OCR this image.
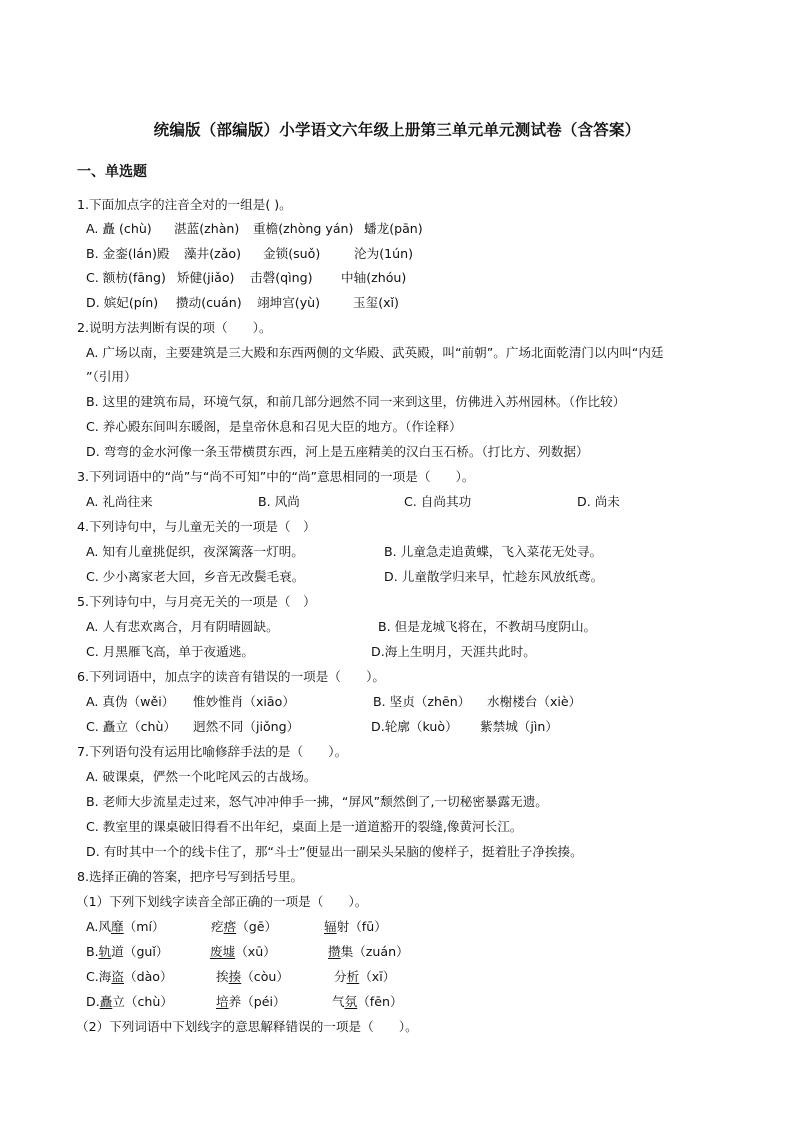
统编版（部编版）小学语文六年级上册第三单元单元测试卷（含答案）
一、单选题
1.下面加点字的注音全对的一组是( )。
A. 矗 (chù) 湛蓝(zhàn) 重檐(zhòng yán) 蟠龙(pān)
B. 金銮(lán)殿 藻井(zǎo) 金锁(suǒ)	沦为(1ún)
C. 额枋(fāng) 矫健(jiǎo) 击磬(qìng) 中轴(zhóu)
D. 嫔妃(pín) 攒动(cuán) 翊坤宫(yù)	玉玺(xǐ)
2.说明方法判断有误的项（　　）。
A. 广场以南，主要建筑是三大殿和东西两侧的文华殿、武英殿，叫“前朝”。广场北面乾清门以内叫“内廷
”（引用）
B. 这里的建筑布局，环境气氛，和前几部分迥然不同一来到这里，仿佛进入苏州园林。（作比较）
C. 养心殿东间叫东暖阁，是皇帝休息和召见大臣的地方。（作诠释）
D. 弯弯的金水河像一条玉带横贯东西，河上是五座精美的汉白玉石桥。（打比方、列数据）
3.下列词语中的“尚”与“尚不可知”中的“尚”意思相同的一项是（　　）。
A. 礼尚往来	B. 风尚	C. 自尚其功	D. 尚未
4.下列诗句中，与儿童无关的一项是（　）
A. 知有儿童挑促织，夜深篱落一灯明。	B. 儿童急走追黄蝶，飞入菜花无处寻。
C. 少小离家老大回，乡音无改鬓毛衰。	D. 儿童散学归来早，忙趁东风放纸鸢。
5.下列诗句中，与月亮无关的一项是（　）
A. 人有悲欢离合，月有阴晴圆缺。	B. 但是龙城飞将在，不教胡马度阴山。
C. 月黑雁飞高，单于夜遁逃。	D.海上生明月，天涯共此时。
6.下列词语中，加点字的读音有错误的一项是（　　）。
A. 真伪（wěi） 惟妙惟肖（xiāo）	B. 坚贞（zhēn） 水榭楼台（xiè）
C. 矗立（chù） 迥然不同（jiǒng）	D.轮廓（kuò） 紫禁城（jìn）
7.下列语句没有运用比喻修辞手法的是（　　）。
A. 破课桌，俨然一个叱咤风云的古战场。
B. 老师大步流星走过来，怒气冲冲伸手一拂，“屏风”颓然倒了,一切秘密暴露无遗。
C. 教室里的课桌破旧得看不出年纪，桌面上是一道道豁开的裂缝,像黄河长江。
D. 有时其中一个的线卡住了，那“斗士”便显出一副呆头呆脑的傻样子，挺着肚子净挨揍。
8.选择正确的答案，把序号写到括号里。
（1）下列下划线字读音全部正确的一项是（　　）。
A.风靡（mí）	疙瘩（gē）	辐射（fū）
B.轨道（guǐ）	废墟（xū）	攒集（zuán）
C.海盗（dào）	挨揍（còu）	分析（xī）
D.矗立（chù）	培养（péi）	气氛（fēn）
（2）下列词语中下划线字的意思解释错误的一项是（　　）。
